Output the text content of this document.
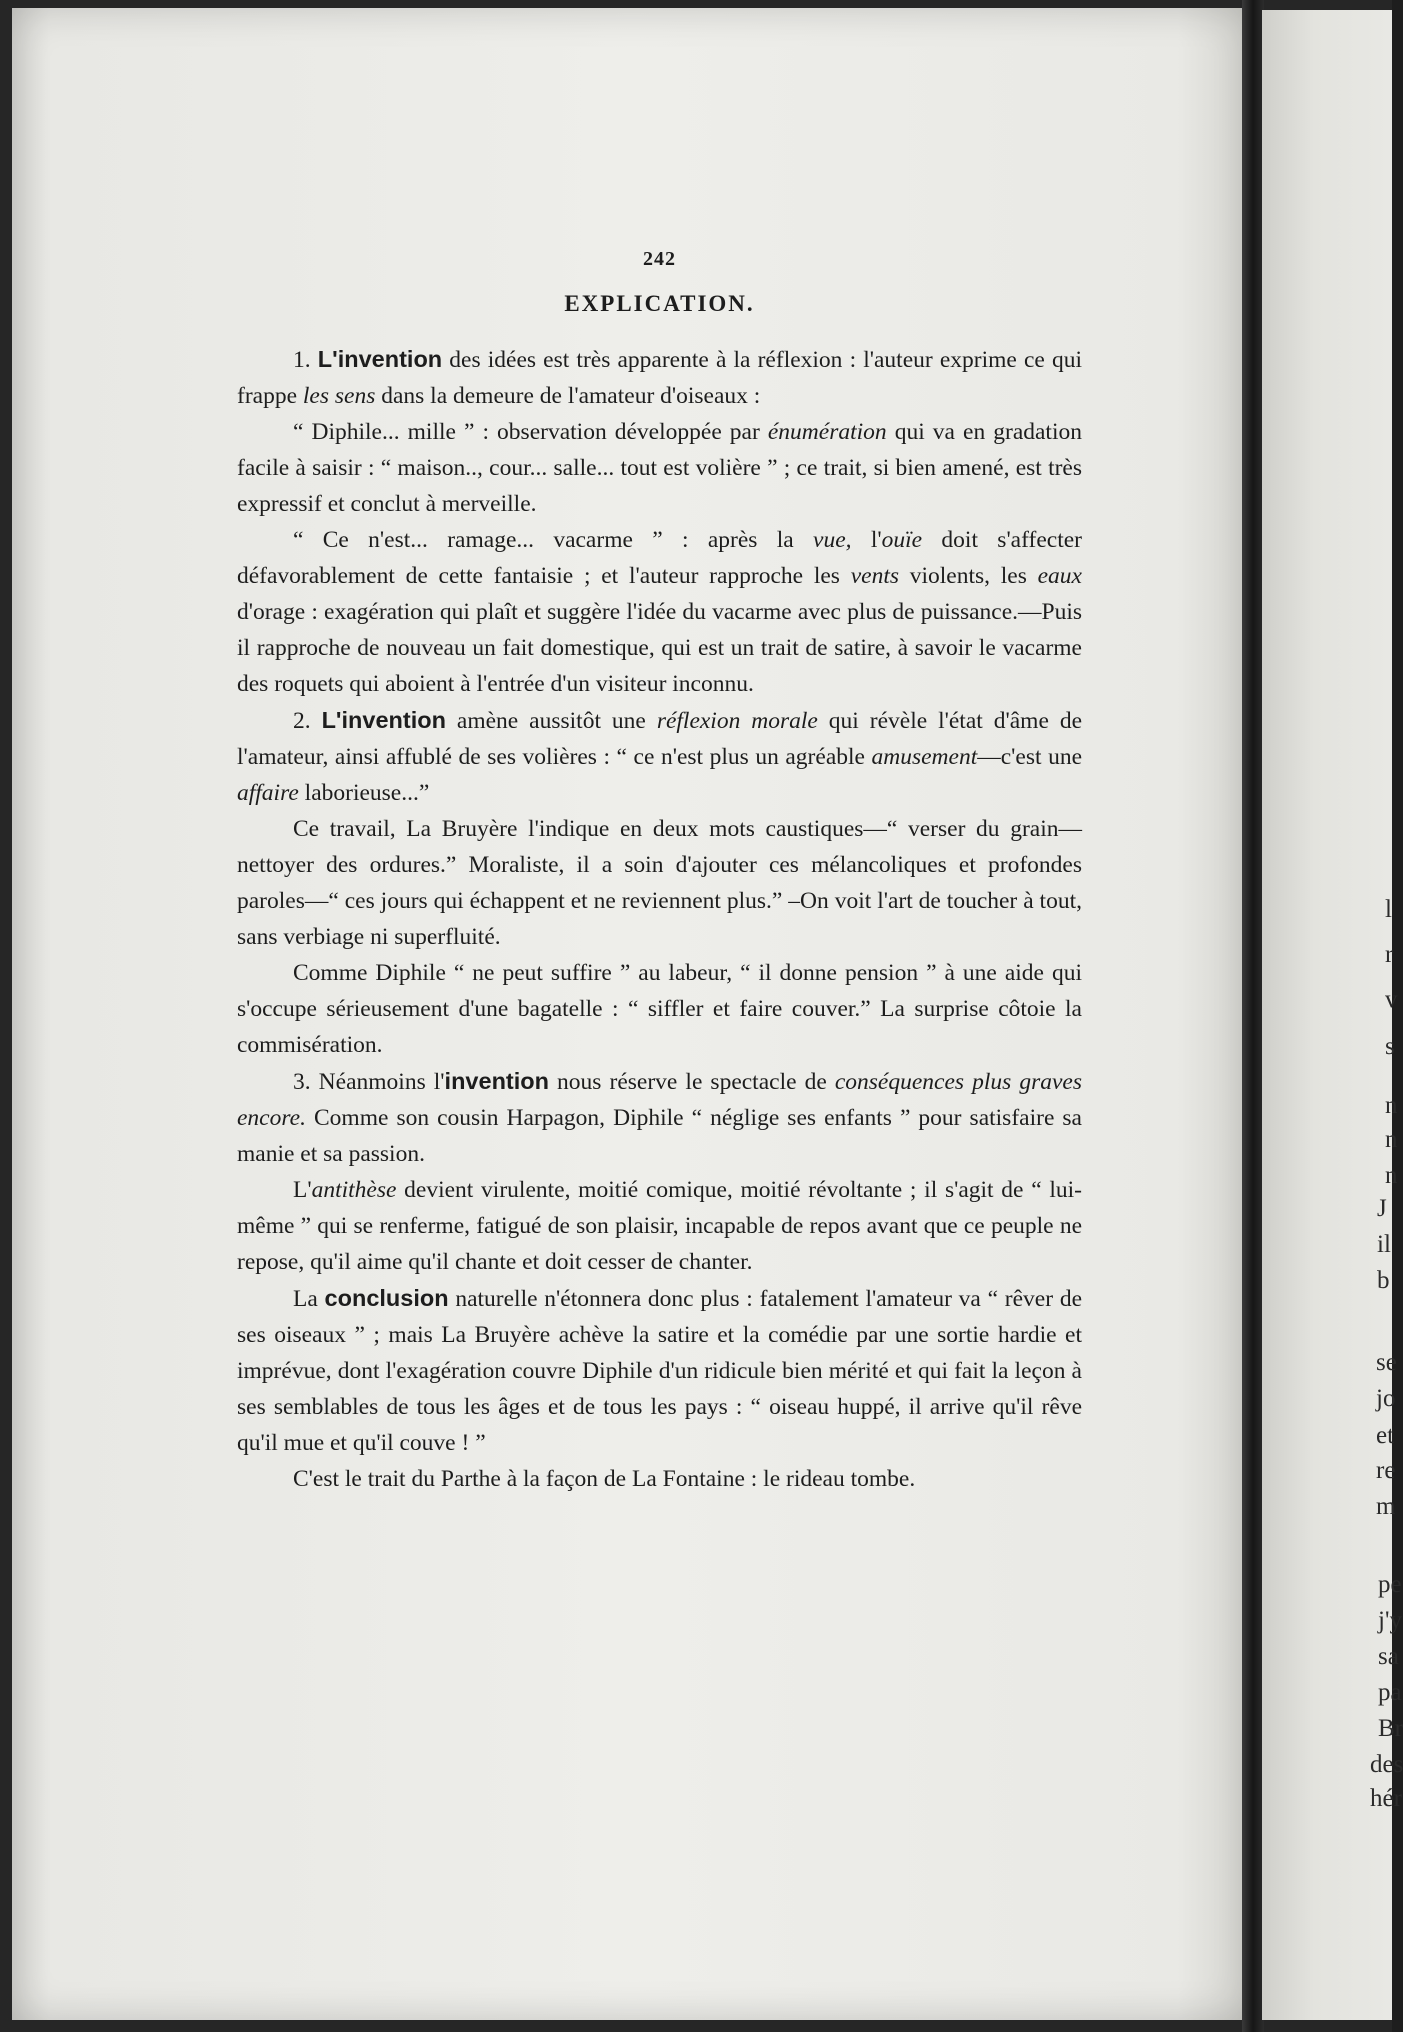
242
EXPLICATION.

1. L'invention des idées est très apparente à la réflexion : l'auteur exprime ce qui frappe les sens dans la demeure de l'amateur d'oiseaux :

“ Diphile... mille ” : observation développée par énumération qui va en gradation facile à saisir : “ maison.., cour... salle... tout est volière ” ; ce trait, si bien amené, est très expressif et conclut à merveille.

“ Ce n'est... ramage... vacarme ” : après la vue, l'ouïe doit s'affecter défavorablement de cette fantaisie ; et l'auteur rapproche les vents violents, les eaux d'orage : exagération qui plaît et suggère l'idée du vacarme avec plus de puissance.—Puis il rapproche de nouveau un fait domestique, qui est un trait de satire, à savoir le vacarme des roquets qui aboient à l'entrée d'un visiteur inconnu.

2. L'invention amène aussitôt une réflexion morale qui révèle l'état d'âme de l'amateur, ainsi affublé de ses volières : “ ce n'est plus un agréable amusement—c'est une affaire laborieuse...”

Ce travail, La Bruyère l'indique en deux mots caustiques—“ verser du grain—nettoyer des ordures.” Moraliste, il a soin d'ajouter ces mélancoliques et profondes paroles—“ ces jours qui échappent et ne reviennent plus.” –On voit l'art de toucher à tout, sans verbiage ni superfluité.

Comme Diphile “ ne peut suffire ” au labeur, “ il donne pension ” à une aide qui s'occupe sérieusement d'une bagatelle : “ siffler et faire couver.” La surprise côtoie la commisération.

3. Néanmoins l'invention nous réserve le spectacle de conséquences plus graves encore. Comme son cousin Harpagon, Diphile “ néglige ses enfants ” pour satisfaire sa manie et sa passion.

L'antithèse devient virulente, moitié comique, moitié révoltante ; il s'agit de “ lui-même ” qui se renferme, fatigué de son plaisir, incapable de repos avant que ce peuple ne repose, qu'il aime qu'il chante et doit cesser de chanter.

La conclusion naturelle n'étonnera donc plus : fatalement l'amateur va “ rêver de ses oiseaux ” ; mais La Bruyère achève la satire et la comédie par une sortie hardie et imprévue, dont l'exagération couvre Diphile d'un ridicule bien mérité et qui fait la leçon à ses semblables de tous les âges et de tous les pays : “ oiseau huppé, il arrive qu'il rêve qu'il mue et qu'il couve ! ”

C'est le trait du Parthe à la façon de La Fontaine : le rideau tombe.

l
r
v
s
n
n
n
J
il
b
se
jo
et
re
m
pe
j'y
sa
pa
Br
des
hér
